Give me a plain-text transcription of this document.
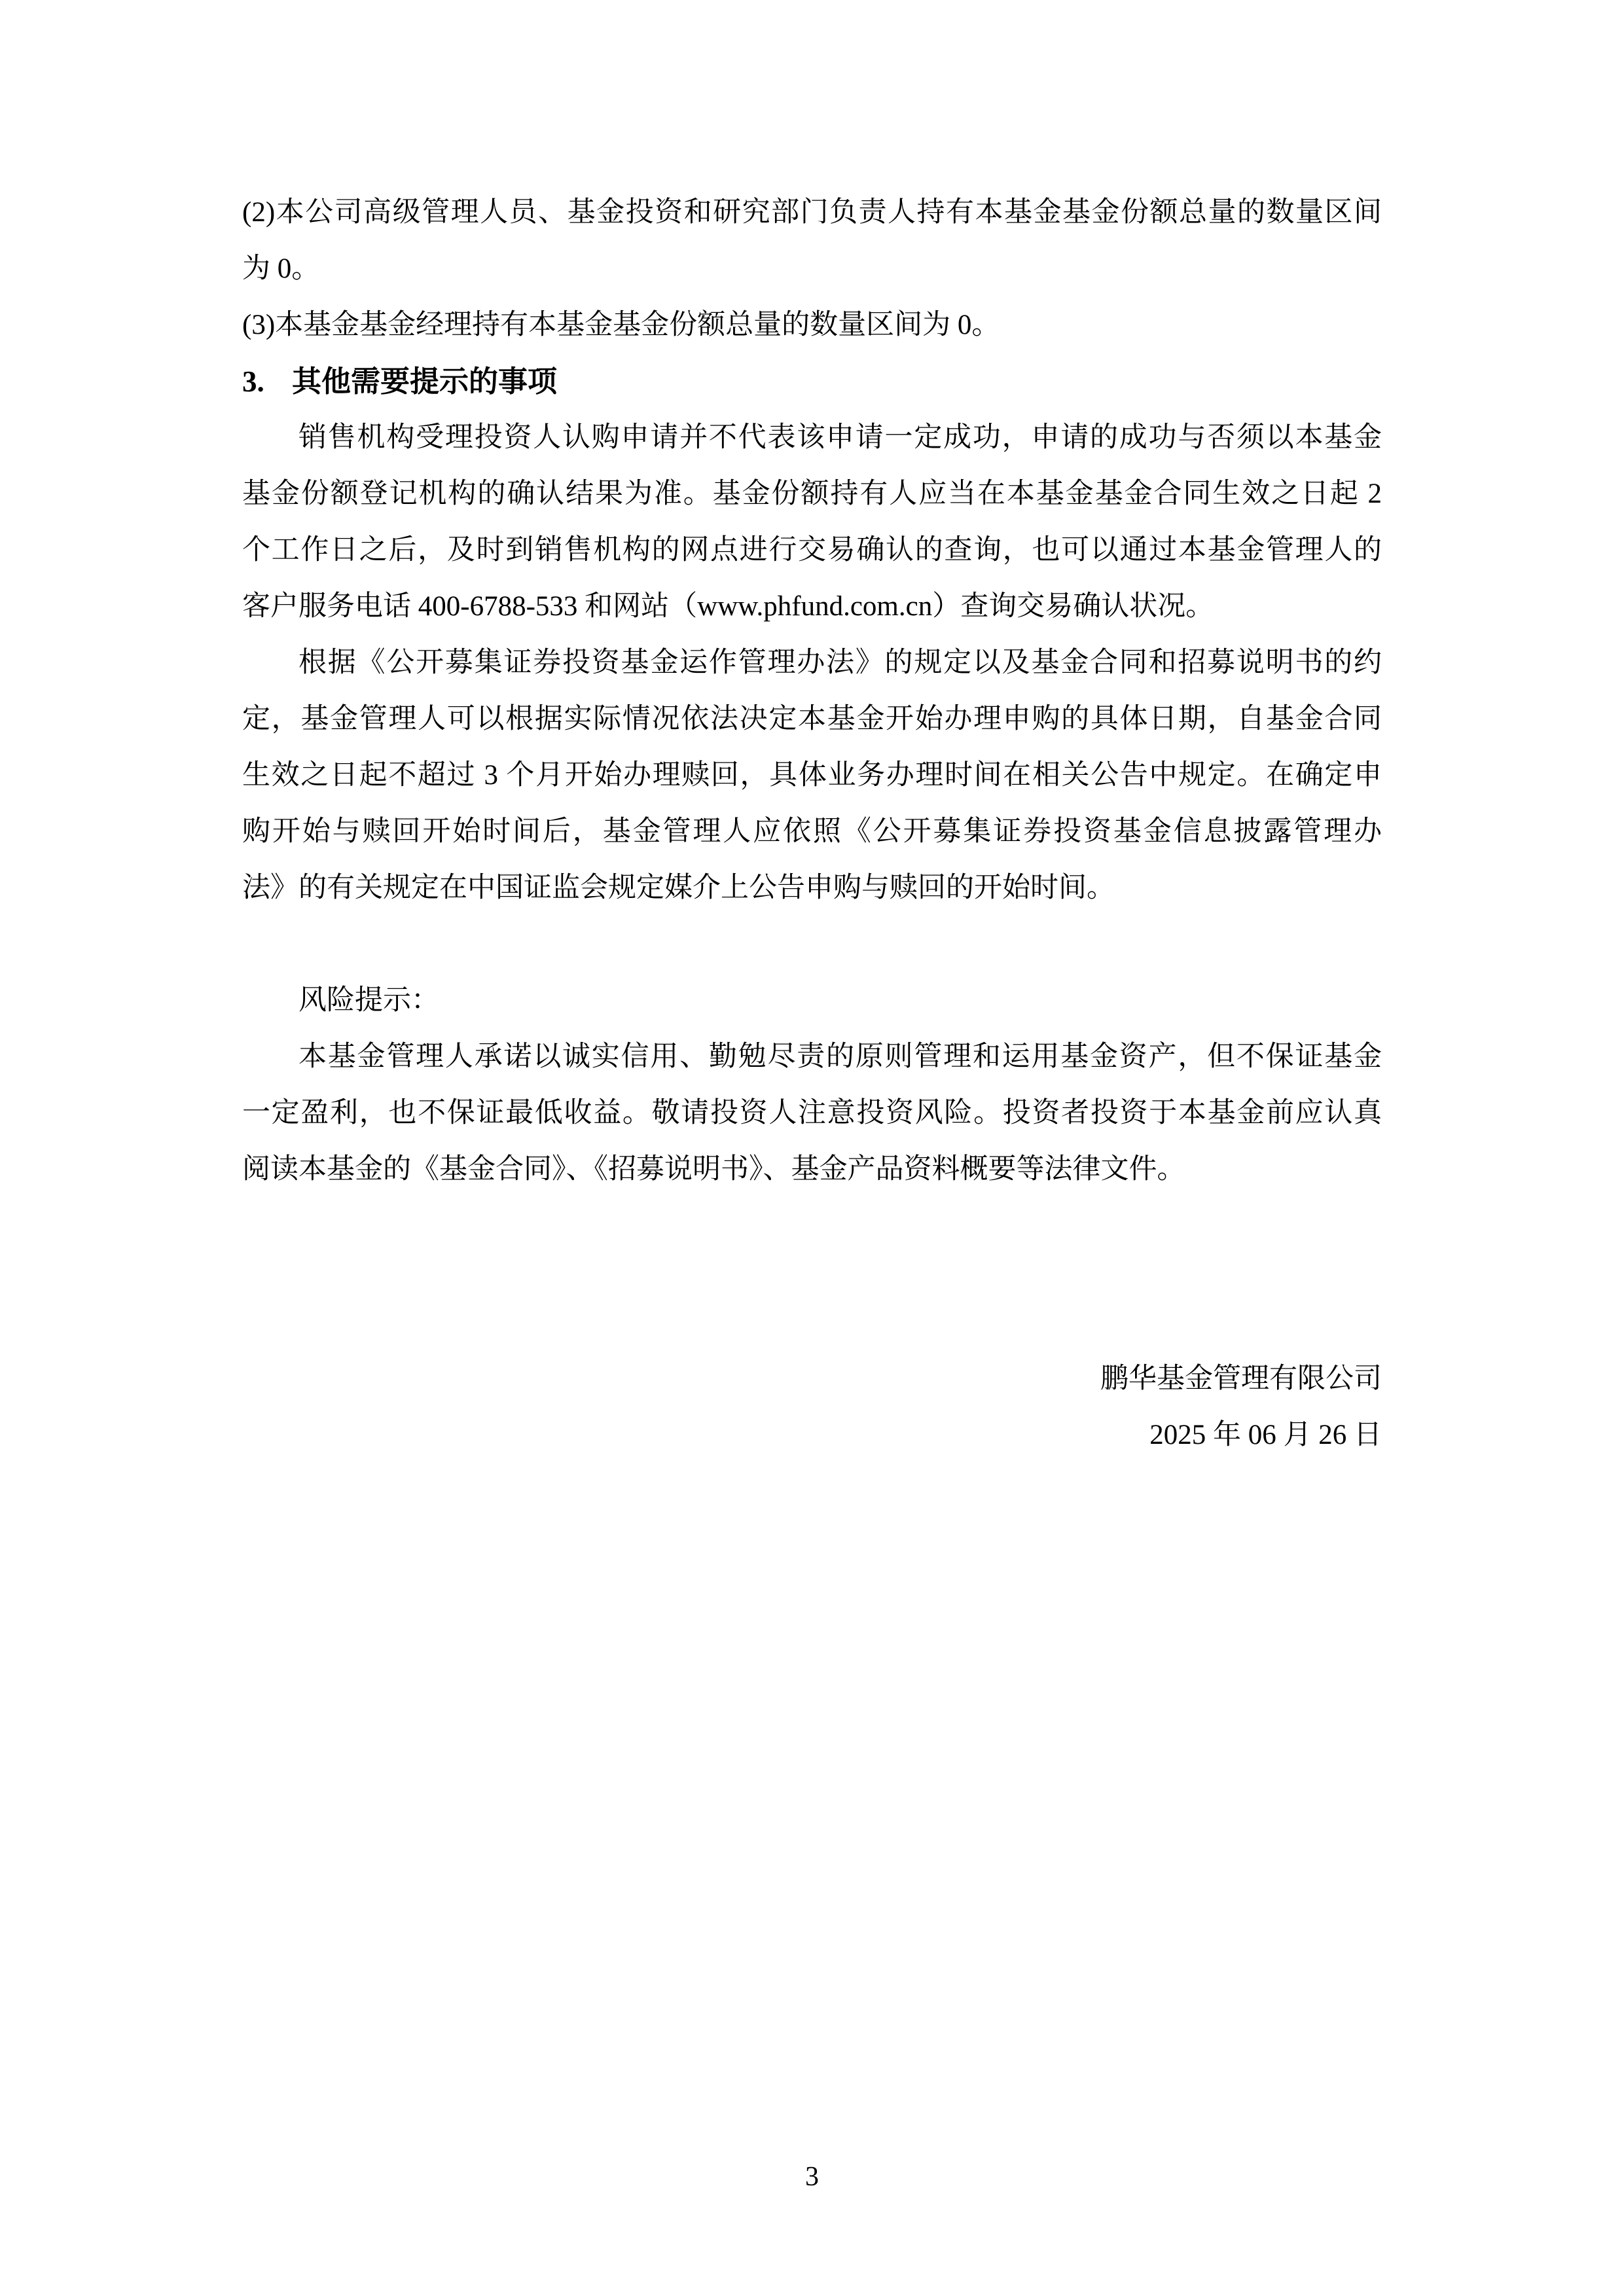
(2)本公司高级管理人员、基金投资和研究部门负责人持有本基金基金份额总量的数量区间
为 0。
(3)本基金基金经理持有本基金基金份额总量的数量区间为 0。
3. 其他需要提示的事项
销售机构受理投资人认购申请并不代表该申请一定成功，申请的成功与否须以本基金
基金份额登记机构的确认结果为准。基金份额持有人应当在本基金基金合同生效之日起 2
个工作日之后，及时到销售机构的网点进行交易确认的查询，也可以通过本基金管理人的
客户服务电话 400-6788-533 和网站（www.phfund.com.cn）查询交易确认状况。
根据《公开募集证券投资基金运作管理办法》的规定以及基金合同和招募说明书的约
定，基金管理人可以根据实际情况依法决定本基金开始办理申购的具体日期，自基金合同
生效之日起不超过 3 个月开始办理赎回，具体业务办理时间在相关公告中规定。在确定申
购开始与赎回开始时间后，基金管理人应依照《公开募集证券投资基金信息披露管理办
法》的有关规定在中国证监会规定媒介上公告申购与赎回的开始时间。
风险提示：
本基金管理人承诺以诚实信用、勤勉尽责的原则管理和运用基金资产，但不保证基金
一定盈利，也不保证最低收益。敬请投资人注意投资风险。投资者投资于本基金前应认真
阅读本基金的《基金合同》、《招募说明书》、基金产品资料概要等法律文件。
鹏华基金管理有限公司
2025 年 06 月 26 日
3
